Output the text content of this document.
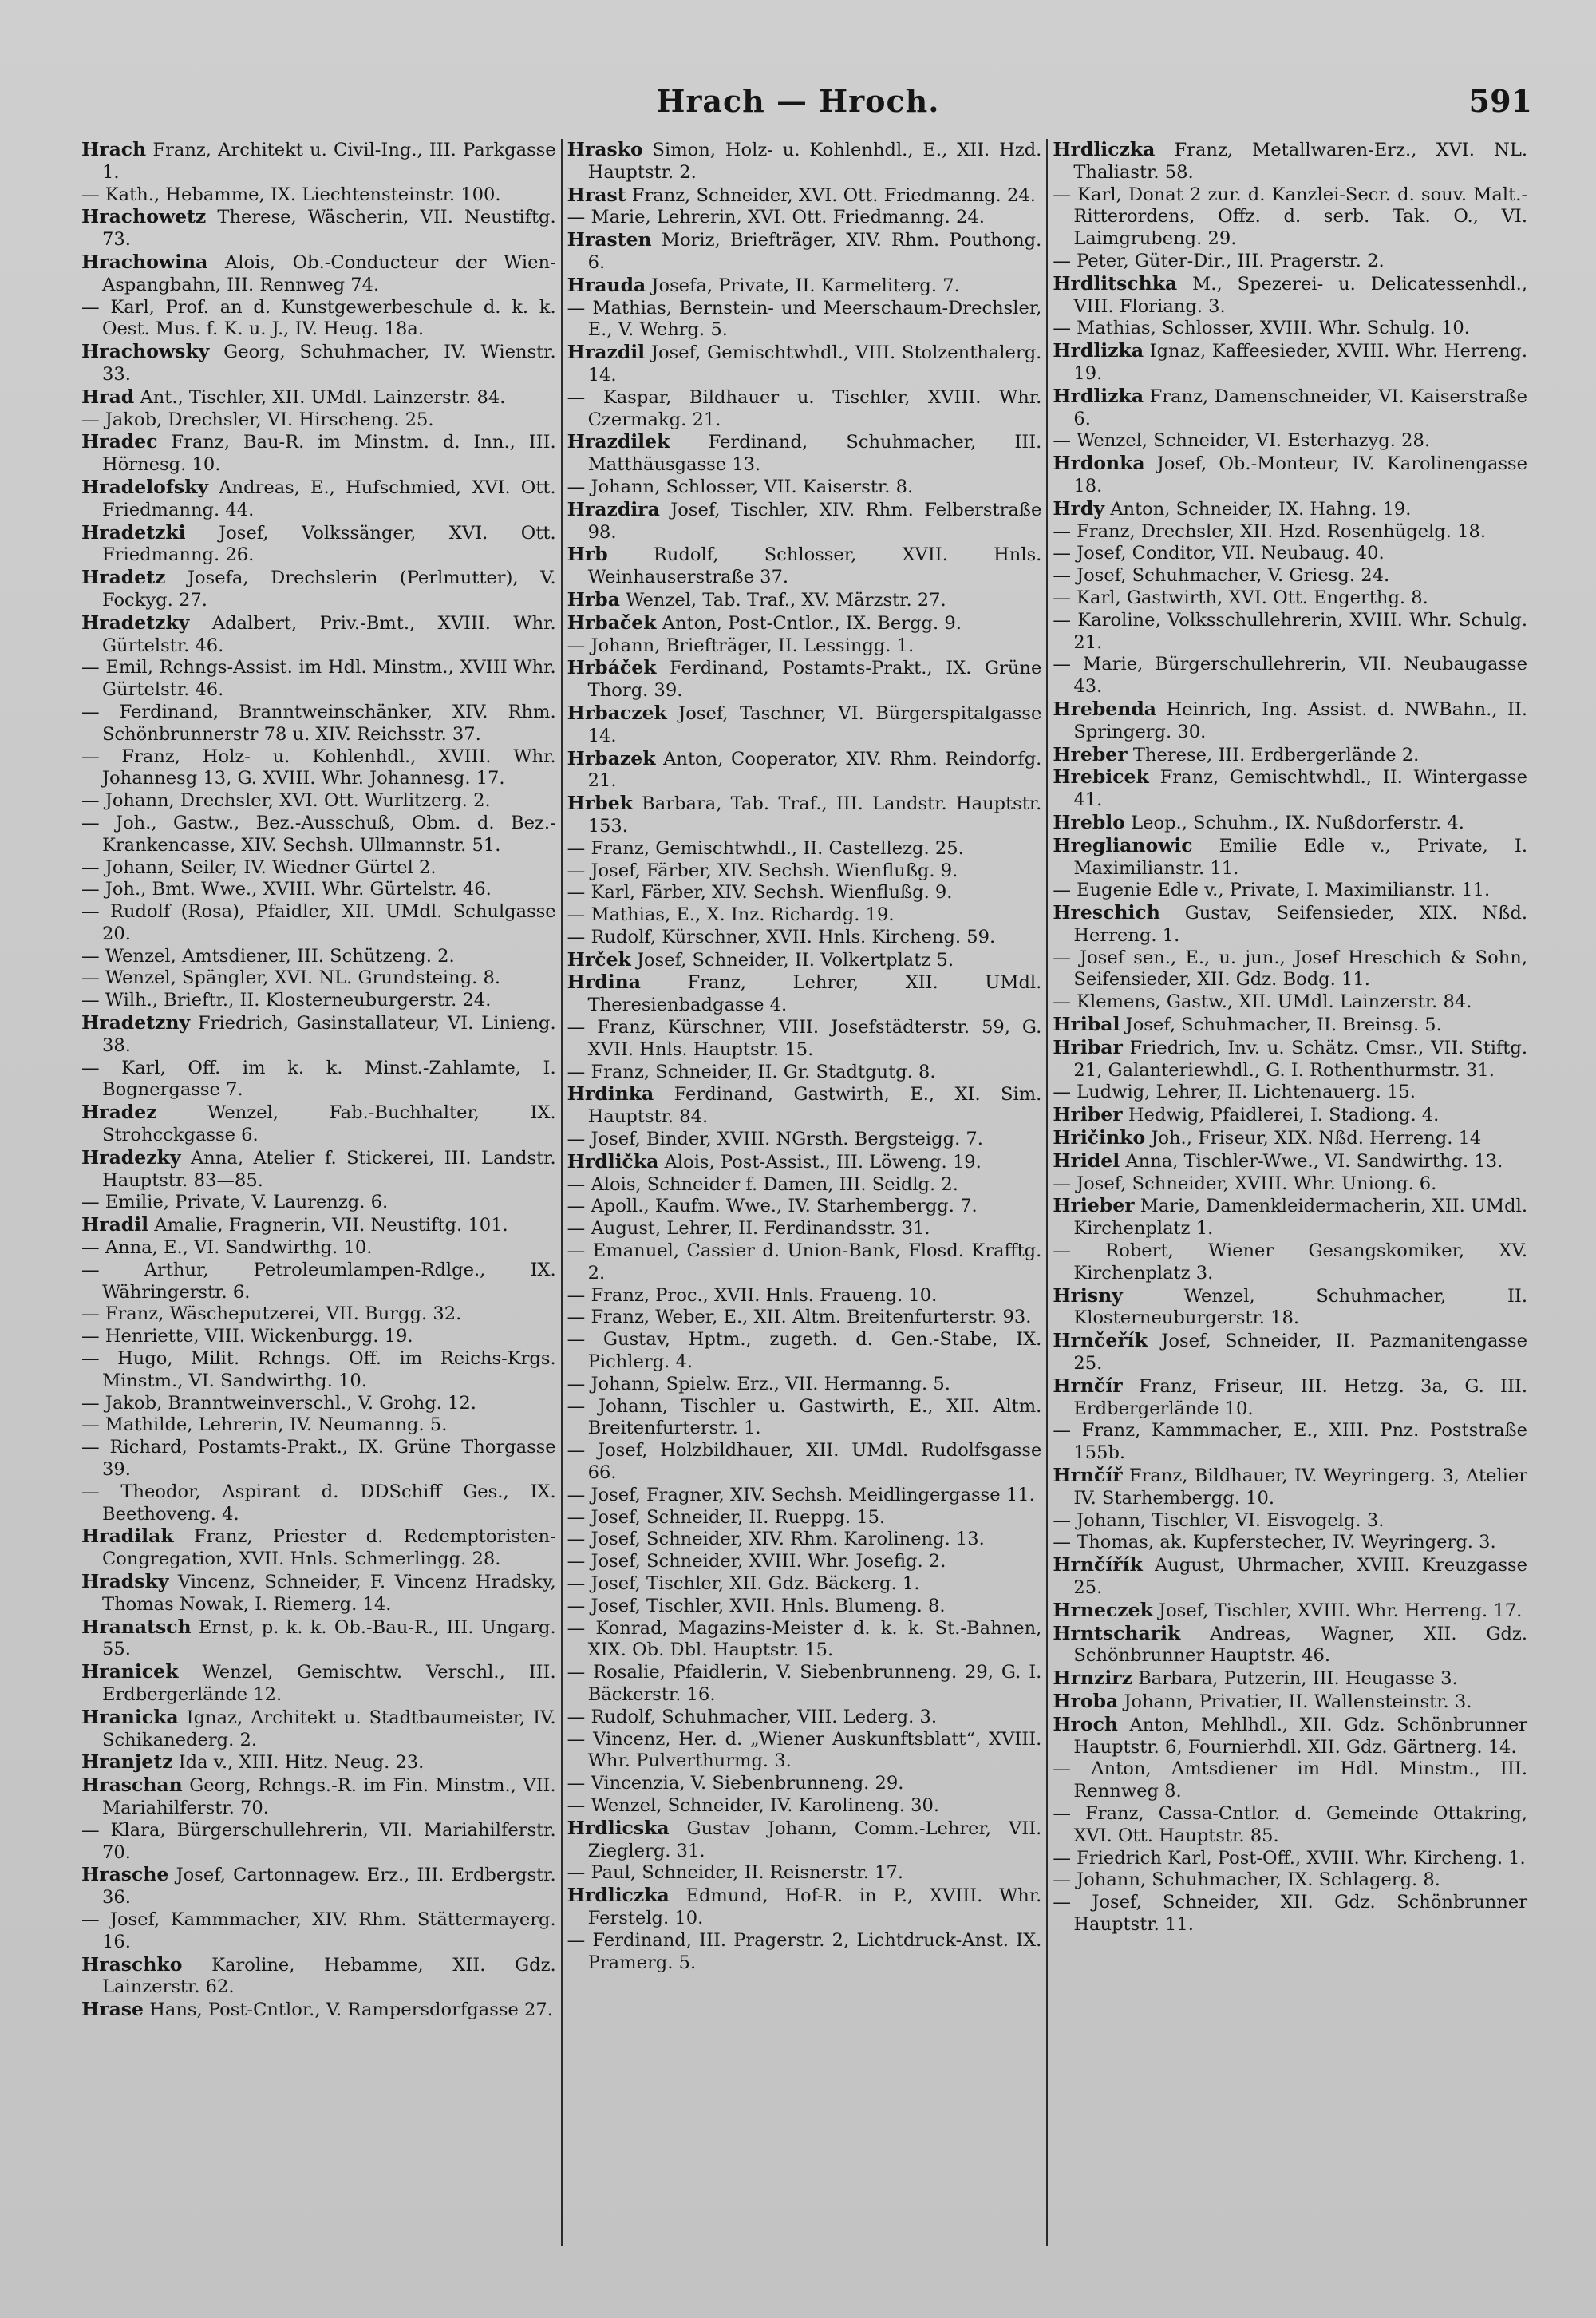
Hrach — Hroch.	591

Hrach Franz, Architekt u. Civil-Ing., III. Parkgasse 1.

— Kath., Hebamme, IX. Liechtensteinstr. 100.

Hrachowetz Therese, Wäscherin, VII. Neustiftg. 73.

Hrachowina Alois, Ob.-Conducteur der Wien-Aspangbahn, III. Rennweg 74.

— Karl, Prof. an d. Kunstgewerbeschule d. k. k. Oest. Mus. f. K. u. J., IV. Heug. 18a.

Hrachowsky Georg, Schuhmacher, IV. Wienstr. 33.

Hrad Ant., Tischler, XII. UMdl. Lainzerstr. 84.

— Jakob, Drechsler, VI. Hirscheng. 25.

Hradec Franz, Bau-R. im Minstm. d. Inn., III. Hörnesg. 10.

Hradelofsky Andreas, E., Hufschmied, XVI. Ott. Friedmanng. 44.

Hradetzki Josef, Volkssänger, XVI. Ott. Friedmanng. 26.

Hradetz Josefa, Drechslerin (Perlmutter), V. Fockyg. 27.

Hradetzky Adalbert, Priv.-Bmt., XVIII. Whr. Gürtelstr. 46.

— Emil, Rchngs-Assist. im Hdl. Minstm., XVIII Whr. Gürtelstr. 46.

— Ferdinand, Branntweinschänker, XIV. Rhm. Schönbrunnerstr 78 u. XIV. Reichsstr. 37.

— Franz, Holz- u. Kohlenhdl., XVIII. Whr. Johannesg 13, G. XVIII. Whr. Johannesg. 17.

— Johann, Drechsler, XVI. Ott. Wurlitzerg. 2.

— Joh., Gastw., Bez.-Ausschuß, Obm. d. Bez.-Krankencasse, XIV. Sechsh. Ullmannstr. 51.

— Johann, Seiler, IV. Wiedner Gürtel 2.

— Joh., Bmt. Wwe., XVIII. Whr. Gürtelstr. 46.

— Rudolf (Rosa), Pfaidler, XII. UMdl. Schulgasse 20.

— Wenzel, Amtsdiener, III. Schützeng. 2.

— Wenzel, Spängler, XVI. NL. Grundsteing. 8.

— Wilh., Brieftr., II. Klosterneuburgerstr. 24.

Hradetzny Friedrich, Gasinstallateur, VI. Linieng. 38.

— Karl, Off. im k. k. Minst.-Zahlamte, I. Bognergasse 7.

Hradez	Wenzel, Fab.-Buchhalter, IX. Strohcckgasse 6.

Hradezky Anna, Atelier f. Stickerei, III. Landstr. Hauptstr. 83—85.

— Emilie, Private, V. Laurenzg. 6.

Hradil Amalie, Fragnerin, VII. Neustiftg. 101.

— Anna, E., VI. Sandwirthg. 10.

— Arthur, Petroleumlampen-Rdlge., IX. Währingerstr. 6.

— Franz, Wäscheputzerei, VII. Burgg. 32.

— Henriette, VIII. Wickenburgg. 19.

— Hugo, Milit. Rchngs. Off. im Reichs-Krgs. Minstm., VI. Sandwirthg. 10.

— Jakob, Branntweinverschl., V. Grohg. 12.

— Mathilde, Lehrerin, IV. Neumanng. 5.

— Richard, Postamts-Prakt., IX. Grüne Thorgasse 39.

— Theodor, Aspirant d. DDSchiff Ges., IX. Beethoveng. 4.

Hradilak Franz, Priester d. Redemptoristen-Congregation, XVII. Hnls. Schmerlingg. 28.

Hradsky Vincenz, Schneider, F. Vincenz Hradsky, Thomas Nowak, I. Riemerg. 14.

Hranatsch Ernst, p. k. k. Ob.-Bau-R., III. Ungarg. 55.

Hranicek Wenzel, Gemischtw. Verschl., III. Erdbergerlände 12.

Hranicka Ignaz, Architekt u. Stadtbaumeister, IV. Schikanederg. 2.

Hranjetz Ida v., XIII. Hitz. Neug. 23.

Hraschan Georg, Rchngs.-R. im Fin. Minstm., VII. Mariahilferstr. 70.

— Klara, Bürgerschullehrerin, VII. Mariahilferstr. 70.

Hrasche Josef, Cartonnagew. Erz., III. Erdbergstr. 36.

— Josef, Kammmacher, XIV. Rhm. Stättermayerg. 16.

Hraschko Karoline, Hebamme, XII. Gdz. Lainzerstr. 62.

Hrase Hans, Post-Cntlor., V. Rampersdorfgasse 27.

Hrasko Simon, Holz- u. Kohlenhdl., E., XII. Hzd. Hauptstr. 2.

Hrast Franz, Schneider, XVI. Ott. Friedmanng. 24.

— Marie, Lehrerin, XVI. Ott. Friedmanng. 24.

Hrasten Moriz, Briefträger, XIV. Rhm. Pouthong. 6.

Hrauda Josefa, Private, II. Karmeliterg. 7.

— Mathias, Bernstein- und Meerschaum-Drechsler, E., V. Wehrg. 5.

Hrazdil Josef, Gemischtwhdl., VIII. Stolzenthalerg. 14.

— Kaspar, Bildhauer u. Tischler, XVIII. Whr. Czermakg. 21.

Hrazdilek Ferdinand, Schuhmacher, III. Matthäusgasse 13.

— Johann, Schlosser, VII. Kaiserstr. 8.

Hrazdira Josef, Tischler, XIV. Rhm. Felberstraße 98.

Hrb	Rudolf, Schlosser, XVII. Hnls. Weinhauserstraße 37.

Hrba Wenzel, Tab. Traf., XV. Märzstr. 27.

Hrbaček Anton, Post-Cntlor., IX. Bergg. 9.

— Johann, Briefträger, II. Lessingg. 1.

Hrbáček Ferdinand, Postamts-Prakt., IX. Grüne Thorg. 39.

Hrbaczek Josef, Taschner, VI. Bürgerspitalgasse 14.

Hrbazek Anton, Cooperator, XIV. Rhm. Reindorfg. 21.

Hrbek Barbara, Tab. Traf., III. Landstr. Hauptstr. 153.

— Franz, Gemischtwhdl., II. Castellezg. 25.

— Josef, Färber, XIV. Sechsh. Wienflußg. 9.

— Karl, Färber, XIV. Sechsh. Wienflußg. 9.

— Mathias, E., X. Inz. Richardg. 19.

— Rudolf, Kürschner, XVII. Hnls. Kircheng. 59.

Hrček Josef, Schneider, II. Volkertplatz 5.

Hrdina	Franz, Lehrer, XII. UMdl. Theresienbadgasse 4.

— Franz, Kürschner, VIII. Josefstädterstr. 59, G. XVII. Hnls. Hauptstr. 15.

— Franz, Schneider, II. Gr. Stadtgutg. 8.

Hrdinka Ferdinand, Gastwirth, E., XI. Sim. Hauptstr. 84.

— Josef, Binder, XVIII. NGrsth. Bergsteigg. 7.

Hrdlička Alois, Post-Assist., III. Löweng. 19.

— Alois, Schneider f. Damen, III. Seidlg. 2.

— Apoll., Kaufm. Wwe., IV. Starhembergg. 7.

— August, Lehrer, II. Ferdinandsstr. 31.

— Emanuel, Cassier d. Union-Bank, Flosd. Krafftg. 2.

— Franz, Proc., XVII. Hnls. Fraueng. 10.

— Franz, Weber, E., XII. Altm. Breitenfurterstr. 93.

— Gustav, Hptm., zugeth. d. Gen.-Stabe, IX. Pichlerg. 4.

— Johann, Spielw. Erz., VII. Hermanng. 5.

— Johann, Tischler u. Gastwirth, E., XII. Altm. Breitenfurterstr. 1.

— Josef, Holzbildhauer, XII. UMdl. Rudolfsgasse 66.

— Josef, Fragner, XIV. Sechsh. Meidlingergasse 11.

— Josef, Schneider, II. Rueppg. 15.

— Josef, Schneider, XIV. Rhm. Karolineng. 13.

— Josef, Schneider, XVIII. Whr. Josefig. 2.

— Josef, Tischler, XII. Gdz. Bäckerg. 1.

— Josef, Tischler, XVII. Hnls. Blumeng. 8.

— Konrad, Magazins-Meister d. k. k. St.-Bahnen, XIX. Ob. Dbl. Hauptstr. 15.

— Rosalie, Pfaidlerin, V. Siebenbrunneng. 29, G. I. Bäckerstr. 16.

— Rudolf, Schuhmacher, VIII. Lederg. 3.

— Vincenz, Her. d. „Wiener Auskunftsblatt“, XVIII. Whr. Pulverthurmg. 3.

— Vincenzia, V. Siebenbrunneng. 29.

— Wenzel, Schneider, IV. Karolineng. 30.

Hrdlicska Gustav Johann, Comm.-Lehrer, VII. Zieglerg. 31.

— Paul, Schneider, II. Reisnerstr. 17.

Hrdliczka Edmund, Hof-R. in P., XVIII. Whr. Ferstelg. 10.

— Ferdinand, III. Pragerstr. 2, Lichtdruck-Anst. IX. Pramerg. 5.

Hrdliczka Franz, Metallwaren-Erz., XVI. NL. Thaliastr. 58.

— Karl, Donat 2 zur. d. Kanzlei-Secr. d. souv. Malt.-Ritterordens, Offz. d. serb. Tak. O., VI. Laimgrubeng. 29.

— Peter, Güter-Dir., III. Pragerstr. 2.

Hrdlitschka M., Spezerei- u. Delicatessenhdl., VIII. Floriang. 3.

— Mathias, Schlosser, XVIII. Whr. Schulg. 10.

Hrdlizka Ignaz, Kaffeesieder, XVIII. Whr. Herreng. 19.

Hrdlizka Franz, Damenschneider, VI. Kaiserstraße 6.

— Wenzel, Schneider, VI. Esterhazyg. 28.

Hrdonka Josef, Ob.-Monteur, IV. Karolinengasse 18.

Hrdy Anton, Schneider, IX. Hahng. 19.

— Franz, Drechsler, XII. Hzd. Rosenhügelg. 18.

— Josef, Conditor, VII. Neubaug. 40.

— Josef, Schuhmacher, V. Griesg. 24.

— Karl, Gastwirth, XVI. Ott. Engerthg. 8.

— Karoline, Volksschullehrerin, XVIII. Whr. Schulg. 21.

— Marie, Bürgerschullehrerin, VII. Neubaugasse 43.

Hrebenda Heinrich, Ing. Assist. d. NWBahn., II. Springerg. 30.

Hreber Therese, III. Erdbergerlände 2.

Hrebicek Franz, Gemischtwhdl., II. Wintergasse 41.

Hreblo Leop., Schuhm., IX. Nußdorferstr. 4.

Hreglianowic Emilie Edle v., Private, I. Maximilianstr. 11.

— Eugenie Edle v., Private, I. Maximilianstr. 11.

Hreschich Gustav, Seifensieder, XIX. Nßd. Herreng. 1.

— Josef sen., E., u. jun., Josef Hreschich & Sohn, Seifensieder, XII. Gdz. Bodg. 11.

— Klemens, Gastw., XII. UMdl. Lainzerstr. 84.

Hribal Josef, Schuhmacher, II. Breinsg. 5.

Hribar Friedrich, Inv. u. Schätz. Cmsr., VII. Stiftg. 21, Galanteriewhdl., G. I. Rothenthurmstr. 31.

— Ludwig, Lehrer, II. Lichtenauerg. 15.

Hriber Hedwig, Pfaidlerei, I. Stadiong. 4.

Hričinko Joh., Friseur, XIX. Nßd. Herreng. 14

Hridel Anna, Tischler-Wwe., VI. Sandwirthg. 13.

— Josef, Schneider, XVIII. Whr. Uniong. 6.

Hrieber Marie, Damenkleidermacherin, XII. UMdl. Kirchenplatz 1.

— Robert, Wiener Gesangskomiker, XV. Kirchenplatz 3.

Hrisny	Wenzel, Schuhmacher, II. Klosterneuburgerstr. 18.

Hrnčeřík Josef, Schneider, II. Pazmanitengasse 25.

Hrnčír Franz, Friseur, III. Hetzg. 3a, G. III. Erdbergerlände 10.

— Franz, Kammmacher, E., XIII. Pnz. Poststraße 155b.

Hrnčíř Franz, Bildhauer, IV. Weyringerg. 3, Atelier IV. Starhembergg. 10.

— Johann, Tischler, VI. Eisvogelg. 3.

— Thomas, ak. Kupferstecher, IV. Weyringerg. 3.

Hrnčířík August, Uhrmacher, XVIII. Kreuzgasse 25.

Hrneczek Josef, Tischler, XVIII. Whr. Herreng. 17.

Hrntscharik Andreas, Wagner, XII. Gdz. Schönbrunner Hauptstr. 46.

Hrnzirz Barbara, Putzerin, III. Heugasse 3.

Hroba Johann, Privatier, II. Wallensteinstr. 3.

Hroch Anton, Mehlhdl., XII. Gdz. Schönbrunner Hauptstr. 6, Fournierhdl. XII. Gdz. Gärtnerg. 14.

— Anton, Amtsdiener im Hdl. Minstm., III. Rennweg 8.

— Franz, Cassa-Cntlor. d. Gemeinde Ottakring, XVI. Ott. Hauptstr. 85.

— Friedrich Karl, Post-Off., XVIII. Whr. Kircheng. 1.

— Johann, Schuhmacher, IX. Schlagerg. 8.

— Josef, Schneider, XII. Gdz. Schönbrunner Hauptstr. 11.
